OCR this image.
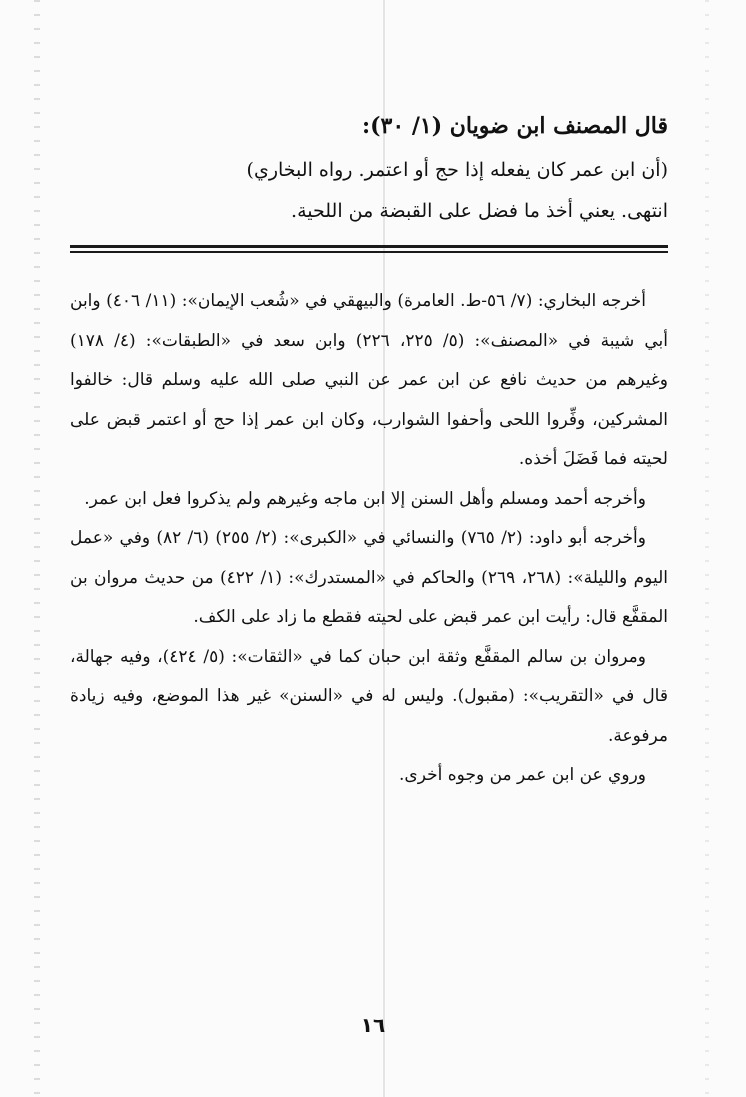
قال المصنف ابن ضويان (١/ ٣٠):

(أن ابن عمر كان يفعله إذا حج أو اعتمر. رواه البخاري)

انتهى. يعني أخذ ما فضل على القبضة من اللحية.

أخرجه البخاري: (٧/ ٥٦-ط. العامرة) والبيهقي في «شُعب الإيمان»: (١١/ ٤٠٦) وابن أبي شيبة في «المصنف»: (٥/ ٢٢٥، ٢٢٦) وابن سعد في «الطبقات»: (٤/ ١٧٨) وغيرهم من حديث نافع عن ابن عمر عن النبي صلى الله عليه وسلم قال: خالفوا المشركين، وفِّروا اللحى وأحفوا الشوارب، وكان ابن عمر إذا حج أو اعتمر قبض على لحيته فما فَضَلَ أخذه.

وأخرجه أحمد ومسلم وأهل السنن إلا ابن ماجه وغيرهم ولم يذكروا فعل ابن عمر.

وأخرجه أبو داود: (٢/ ٧٦٥) والنسائي في «الكبرى»: (٢/ ٢٥٥) (٦/ ٨٢) وفي «عمل اليوم والليلة»: (٢٦٨، ٢٦٩) والحاكم في «المستدرك»: (١/ ٤٢٢) من حديث مروان بن المقفَّع قال: رأيت ابن عمر قبض على لحيته فقطع ما زاد على الكف.

ومروان بن سالم المقفَّع وثقة ابن حبان كما في «الثقات»: (٥/ ٤٢٤)، وفيه جهالة، قال في «التقريب»: (مقبول). وليس له في «السنن» غير هذا الموضع، وفيه زيادة مرفوعة.

وروي عن ابن عمر من وجوه أخرى.

١٦
